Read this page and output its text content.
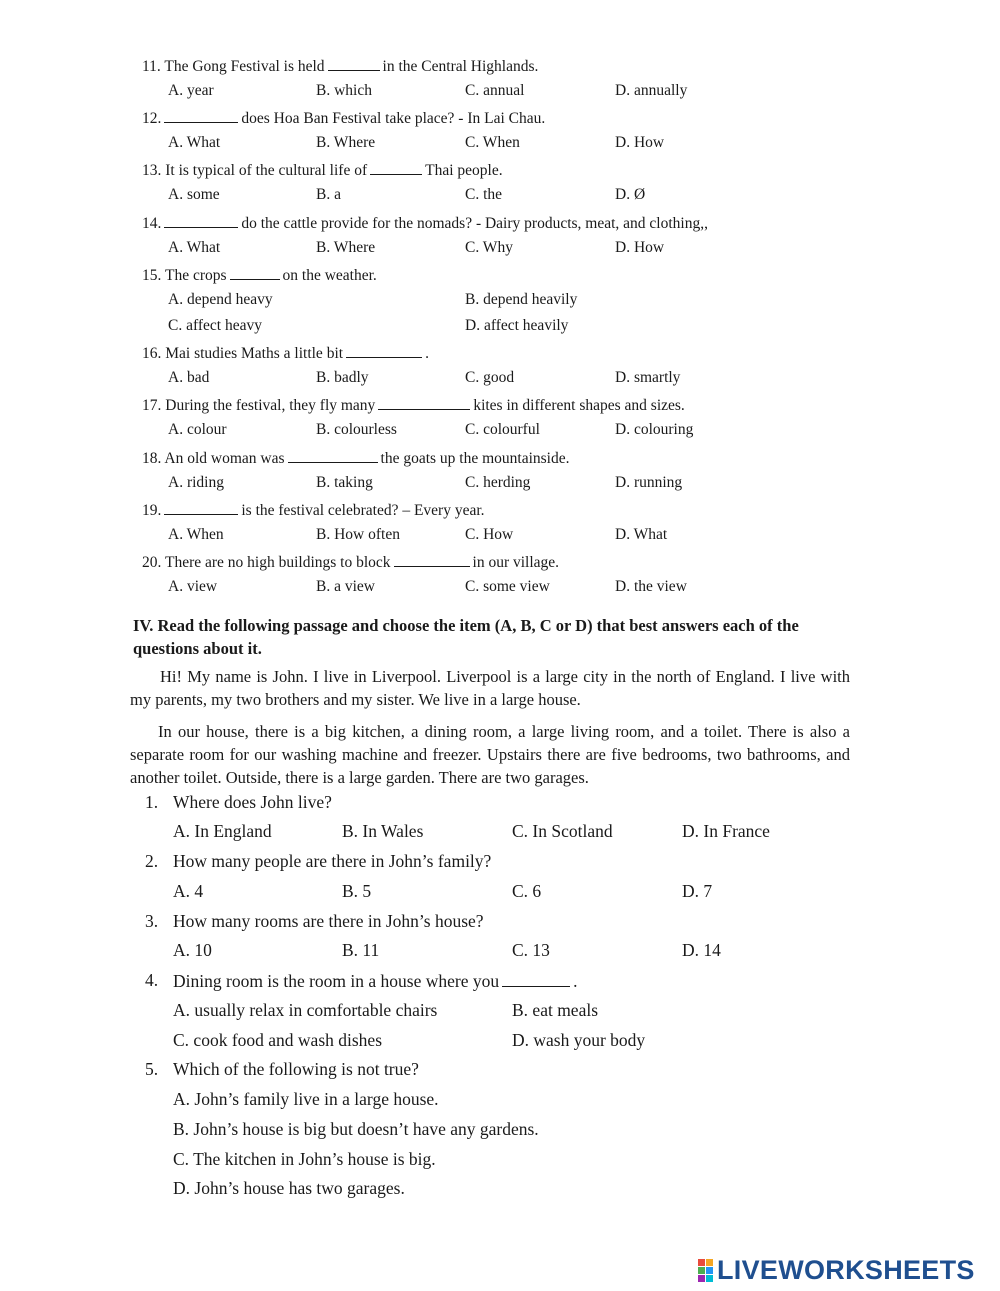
11. The Gong Festival is held	in the Central Highlands.
A. year	B. which	C. annual	D. annually
12.	does Hoa Ban Festival take place? - In Lai Chau.
A. What	B. Where	C. When	D. How
13. It is typical of the cultural life of	Thai people.
A. some	B. a	C. the	D. Ø
14.	do the cattle provide for the nomads? - Dairy products, meat, and clothing,,
A. What	B. Where	C. Why	D. How
15. The crops	on the weather.
A. depend heavy	B. depend heavily
C. affect heavy	D. affect heavily
16. Mai studies Maths a little bit	.
A. bad	B. badly	C. good	D. smartly
17. During the festival, they fly many	kites in different shapes and sizes.
A. colour	B. colourless	C. colourful	D. colouring
18. An old woman was	the goats up the mountainside.
A. riding	B. taking	C. herding	D. running
19.	is the festival celebrated? – Every year.
A. When	B. How often	C. How	D. What
20. There are no high buildings to block	in our village.
A. view	B. a view	C. some view	D. the view
IV. Read the following passage and choose the item (A, B, C or D) that best answers each of the questions about it.
Hi! My name is John. I live in Liverpool. Liverpool is a large city in the north of England. I live with my parents, my two brothers and my sister. We live in a large house.
In our house, there is a big kitchen, a dining room, a large living room, and a toilet. There is also a separate room for our washing machine and freezer. Upstairs there are five bedrooms, two bathrooms, and another toilet. Outside, there is a large garden. There are two garages.
1. Where does John live?
A. In England	B. In Wales	C. In Scotland	D. In France
2. How many people are there in John’s family?
A. 4	B. 5	C. 6	D. 7
3. How many rooms are there in John’s house?
A. 10	B. 11	C. 13	D. 14
4. Dining room is the room in a house where you	.
A. usually relax in comfortable chairs	B. eat meals
C. cook food and wash dishes	D. wash your body
5. Which of the following is not true?
A. John’s family live in a large house.
B. John’s house is big but doesn’t have any gardens.
C. The kitchen in John’s house is big.
D. John’s house has two garages.
LIVEWORKSHEETS
